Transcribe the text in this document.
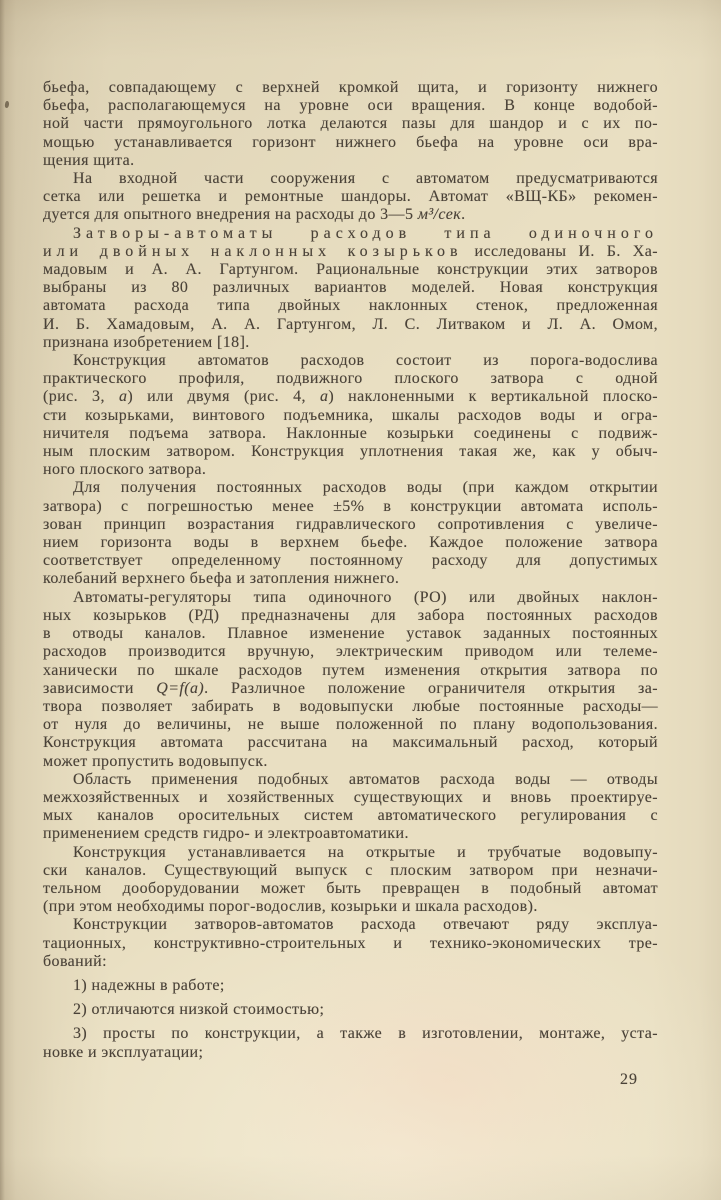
бьефа, совпадающему с верхней кромкой щита, и горизонту нижнего
бьефа, располагающемуся на уровне оси вращения. В конце водобой-
ной части прямоугольного лотка делаются пазы для шандор и с их по-
мощью устанавливается горизонт нижнего бьефа на уровне оси вра-
щения щита.
На входной части сооружения с автоматом предусматриваются
сетка или решетка и ремонтные шандоры. Автомат «ВЩ-КБ» рекомен-
дуется для опытного внедрения на расходы до 3—5 м³/сек.
Затворы-автоматы расходов типа одиночного
или двойных наклонных козырьков исследованы И. Б. Ха-
мадовым и А. А. Гартунгом. Рациональные конструкции этих затворов
выбраны из 80 различных вариантов моделей. Новая конструкция
автомата расхода типа двойных наклонных стенок, предложенная
И. Б. Хамадовым, А. А. Гартунгом, Л. С. Литваком и Л. А. Омом,
признана изобретением [18].
Конструкция автоматов расходов состоит из порога-водослива
практического профиля, подвижного плоского затвора с одной
(рис. 3, а) или двумя (рис. 4, а) наклоненными к вертикальной плоско-
сти козырьками, винтового подъемника, шкалы расходов воды и огра-
ничителя подъема затвора. Наклонные козырьки соединены с подвиж-
ным плоским затвором. Конструкция уплотнения такая же, как у обыч-
ного плоского затвора.
Для получения постоянных расходов воды (при каждом открытии
затвора) с погрешностью менее ±5% в конструкции автомата исполь-
зован принцип возрастания гидравлического сопротивления с увеличе-
нием горизонта воды в верхнем бьефе. Каждое положение затвора
соответствует определенному постоянному расходу для допустимых
колебаний верхнего бьефа и затопления нижнего.
Автоматы-регуляторы типа одиночного (РО) или двойных наклон-
ных козырьков (РД) предназначены для забора постоянных расходов
в отводы каналов. Плавное изменение уставок заданных постоянных
расходов производится вручную, электрическим приводом или телеме-
ханически по шкале расходов путем изменения открытия затвора по
зависимости Q=f(a). Различное положение ограничителя открытия за-
твора позволяет забирать в водовыпуски любые постоянные расходы—
от нуля до величины, не выше положенной по плану водопользования.
Конструкция автомата рассчитана на максимальный расход, который
может пропустить водовыпуск.
Область применения подобных автоматов расхода воды — отводы
межхозяйственных и хозяйственных существующих и вновь проектируе-
мых каналов оросительных систем автоматического регулирования с
применением средств гидро- и электроавтоматики.
Конструкция устанавливается на открытые и трубчатые водовыпу-
ски каналов. Существующий выпуск с плоским затвором при незначи-
тельном дооборудовании может быть превращен в подобный автомат
(при этом необходимы порог-водослив, козырьки и шкала расходов).
Конструкции затворов-автоматов расхода отвечают ряду эксплуа-
тационных, конструктивно-строительных и технико-экономических тре-
бований:
1) надежны в работе;
2) отличаются низкой стоимостью;
3) просты по конструкции, а также в изготовлении, монтаже, уста-
новке и эксплуатации;
29
